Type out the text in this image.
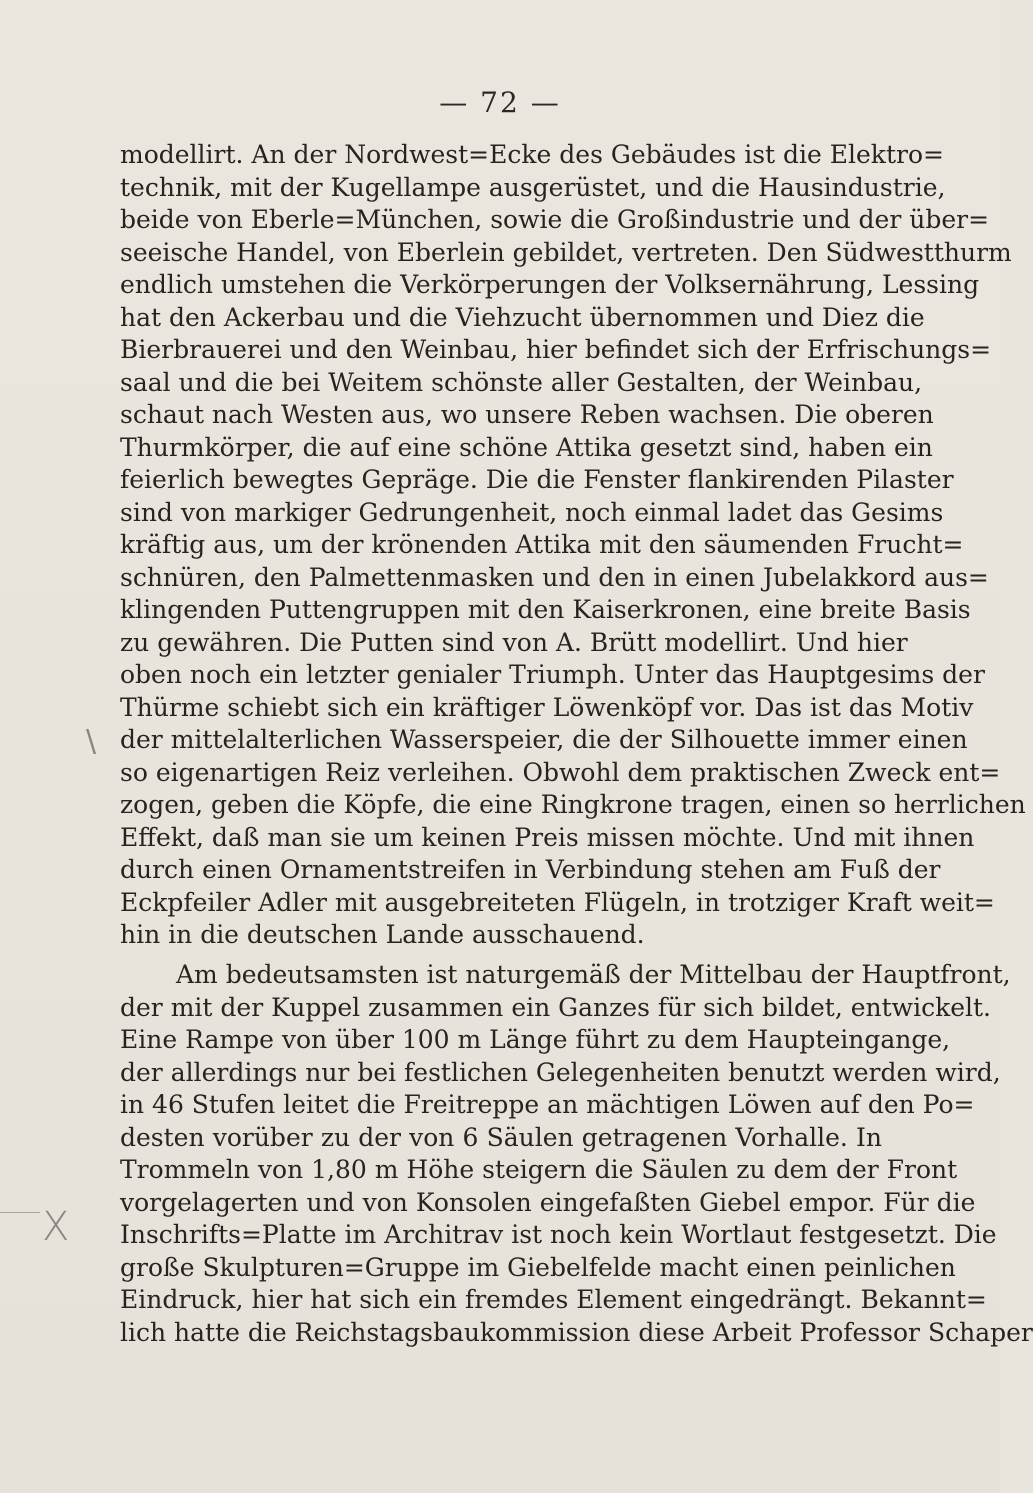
— 72 —
\
X
modellirt. An der Nordwest=Ecke des Gebäudes ist die Elektro=
technik, mit der Kugellampe ausgerüstet, und die Hausindustrie,
beide von Eberle=München, sowie die Großindustrie und der über=
seeische Handel, von Eberlein gebildet, vertreten. Den Südwestthurm
endlich umstehen die Verkörperungen der Volksernährung, Lessing
hat den Ackerbau und die Viehzucht übernommen und Diez die
Bierbrauerei und den Weinbau, hier befindet sich der Erfrischungs=
saal und die bei Weitem schönste aller Gestalten, der Weinbau,
schaut nach Westen aus, wo unsere Reben wachsen. Die oberen
Thurmkörper, die auf eine schöne Attika gesetzt sind, haben ein
feierlich bewegtes Gepräge. Die die Fenster flankirenden Pilaster
sind von markiger Gedrungenheit, noch einmal ladet das Gesims
kräftig aus, um der krönenden Attika mit den säumenden Frucht=
schnüren, den Palmettenmasken und den in einen Jubelakkord aus=
klingenden Puttengruppen mit den Kaiserkronen, eine breite Basis
zu gewähren. Die Putten sind von A. Brütt modellirt. Und hier
oben noch ein letzter genialer Triumph. Unter das Hauptgesims der
Thürme schiebt sich ein kräftiger Löwenköpf vor. Das ist das Motiv
der mittelalterlichen Wasserspeier, die der Silhouette immer einen
so eigenartigen Reiz verleihen. Obwohl dem praktischen Zweck ent=
zogen, geben die Köpfe, die eine Ringkrone tragen, einen so herrlichen
Effekt, daß man sie um keinen Preis missen möchte. Und mit ihnen
durch einen Ornamentstreifen in Verbindung stehen am Fuß der
Eckpfeiler Adler mit ausgebreiteten Flügeln, in trotziger Kraft weit=
hin in die deutschen Lande ausschauend.
Am bedeutsamsten ist naturgemäß der Mittelbau der Hauptfront,
der mit der Kuppel zusammen ein Ganzes für sich bildet, entwickelt.
Eine Rampe von über 100 m Länge führt zu dem Haupteingange,
der allerdings nur bei festlichen Gelegenheiten benutzt werden wird,
in 46 Stufen leitet die Freitreppe an mächtigen Löwen auf den Po=
desten vorüber zu der von 6 Säulen getragenen Vorhalle. In
Trommeln von 1,80 m Höhe steigern die Säulen zu dem der Front
vorgelagerten und von Konsolen eingefaßten Giebel empor. Für die
Inschrifts=Platte im Architrav ist noch kein Wortlaut festgesetzt. Die
große Skulpturen=Gruppe im Giebelfelde macht einen peinlichen
Eindruck, hier hat sich ein fremdes Element eingedrängt. Bekannt=
lich hatte die Reichstagsbaukommission diese Arbeit Professor Schaper
